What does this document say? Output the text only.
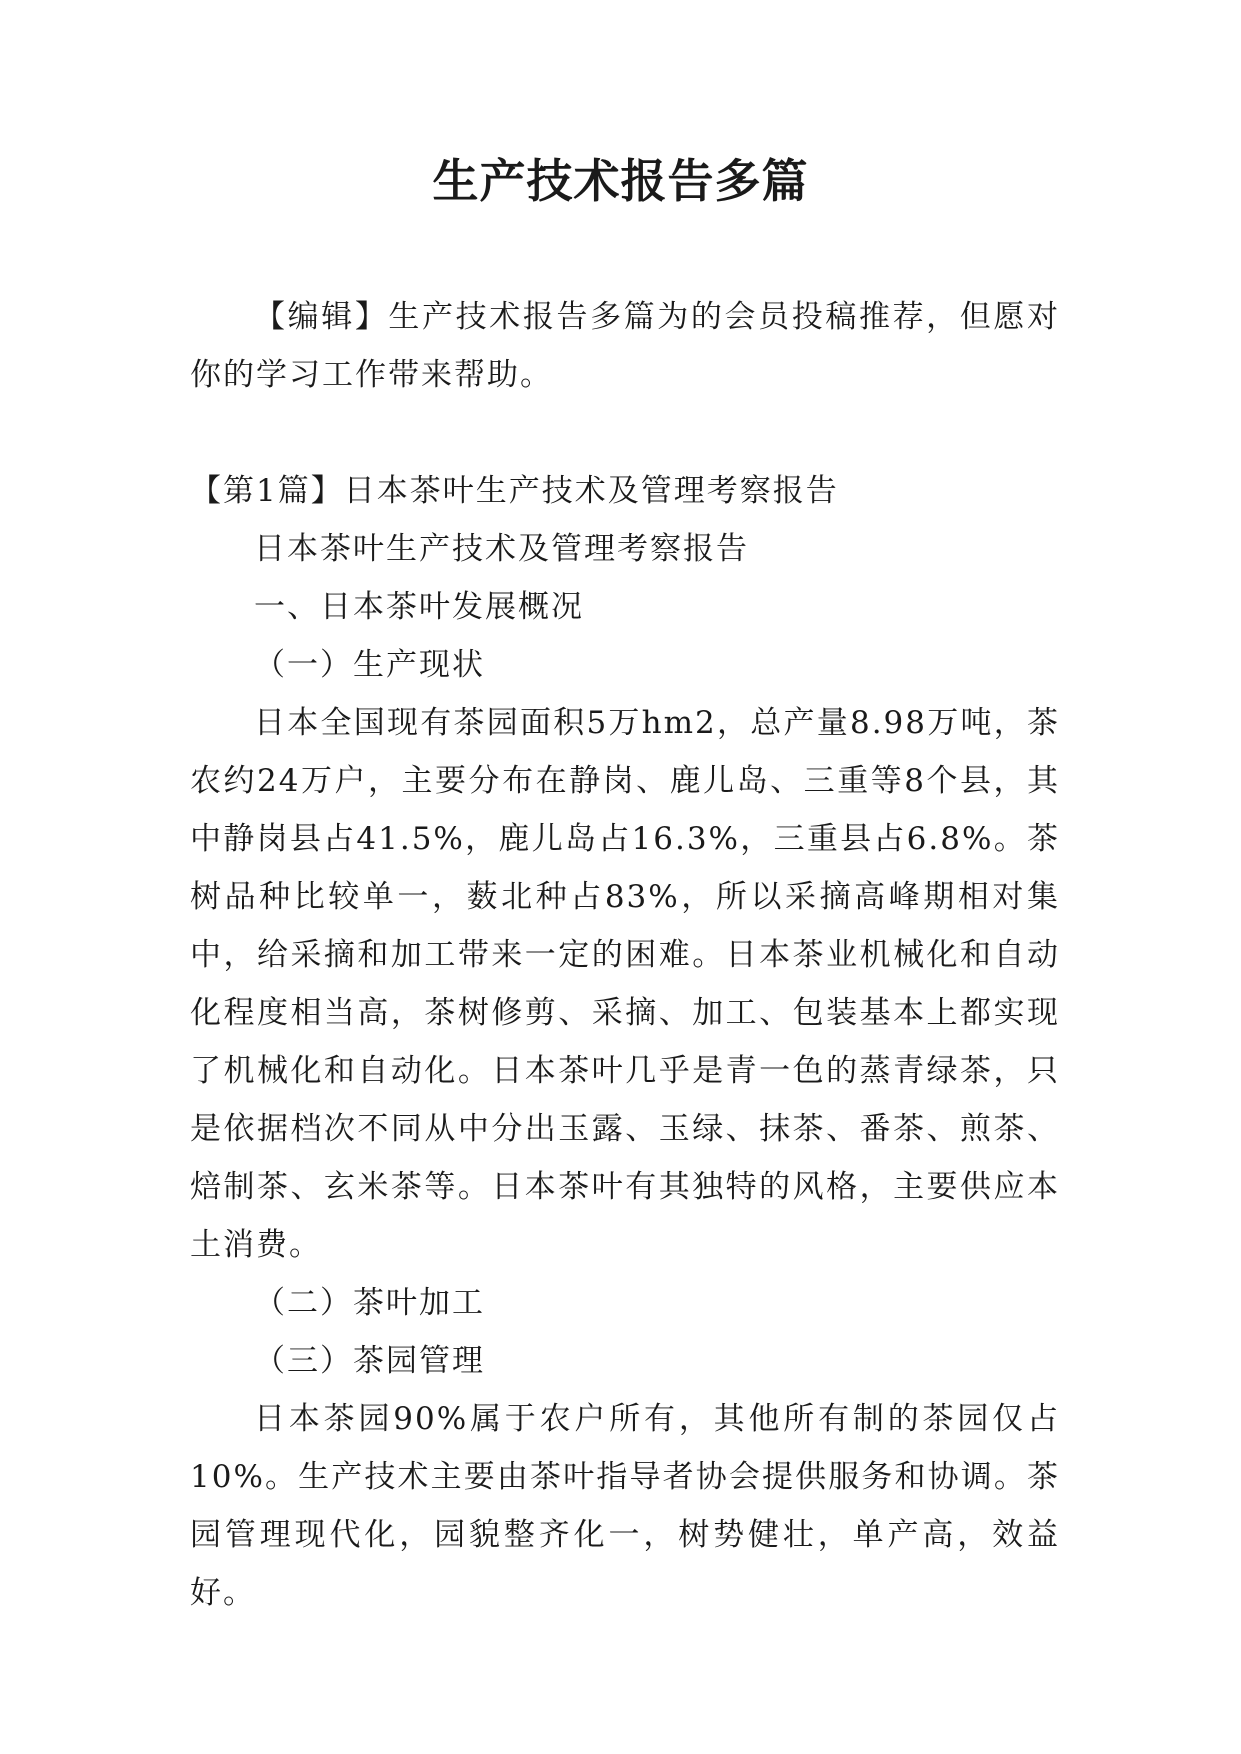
生产技术报告多篇

【编辑】生产技术报告多篇为的会员投稿推荐，但愿对你的学习工作带来帮助。

【第1篇】日本茶叶生产技术及管理考察报告

日本茶叶生产技术及管理考察报告

一、日本茶叶发展概况

（一）生产现状

日本全国现有茶园面积5万hm2，总产量8.98万吨，茶农约24万户，主要分布在静岗、鹿儿岛、三重等8个县，其中静岗县占41.5%，鹿儿岛占16.3%，三重县占6.8%。茶树品种比较单一，薮北种占83%，所以采摘高峰期相对集中，给采摘和加工带来一定的困难。日本茶业机械化和自动化程度相当高，茶树修剪、采摘、加工、包装基本上都实现了机械化和自动化。日本茶叶几乎是青一色的蒸青绿茶，只是依据档次不同从中分出玉露、玉绿、抹茶、番茶、煎茶、焙制茶、玄米茶等。日本茶叶有其独特的风格，主要供应本土消费。

（二）茶叶加工

（三）茶园管理

日本茶园90%属于农户所有，其他所有制的茶园仅占10%。生产技术主要由茶叶指导者协会提供服务和协调。茶园管理现代化，园貌整齐化一，树势健壮，单产高，效益好。
